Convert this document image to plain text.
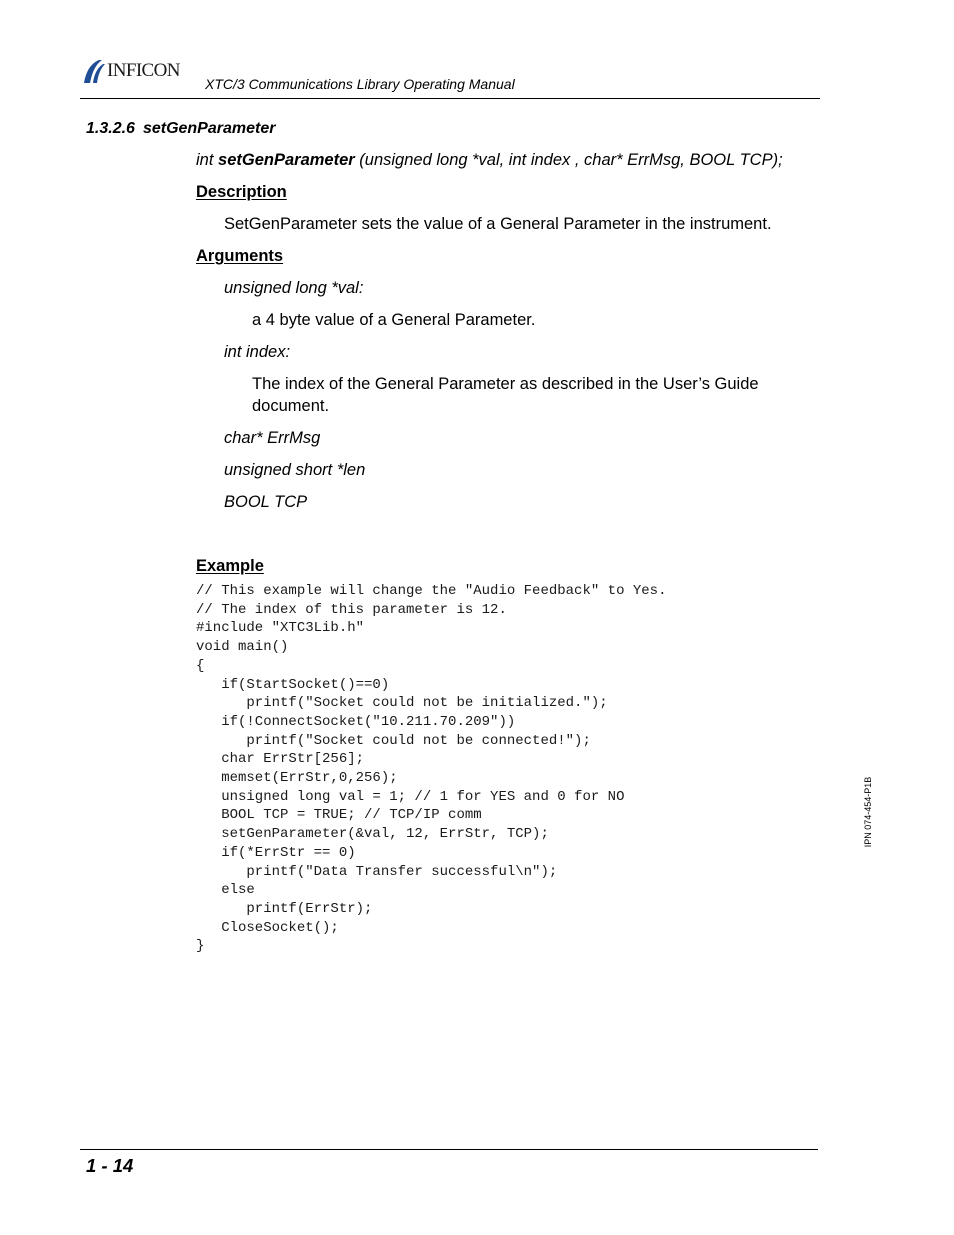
INFICON
XTC/3 Communications Library Operating Manual
1.3.2.6 setGenParameter
int setGenParameter (unsigned long *val, int index , char* ErrMsg, BOOL TCP);
Description
SetGenParameter sets the value of a General Parameter in the instrument.
Arguments
unsigned long *val:
a 4 byte value of a General Parameter.
int index:
The index of the General Parameter as described in the User’s Guide document.
char* ErrMsg
unsigned short *len
BOOL TCP
Example
// This example will change the "Audio Feedback" to Yes.
// The index of this parameter is 12.
#include "XTC3Lib.h"
void main()
{
if(StartSocket()==0)
printf("Socket could not be initialized.");
if(!ConnectSocket("10.211.70.209"))
printf("Socket could not be connected!");
char ErrStr[256];
memset(ErrStr,0,256);
unsigned long val = 1; // 1 for YES and 0 for NO
BOOL TCP = TRUE; // TCP/IP comm
setGenParameter(&val, 12, ErrStr, TCP);
if(*ErrStr == 0)
printf("Data Transfer successful\n");
else
printf(ErrStr);
CloseSocket();
}
IPN 074-454-P1B
1 - 14
